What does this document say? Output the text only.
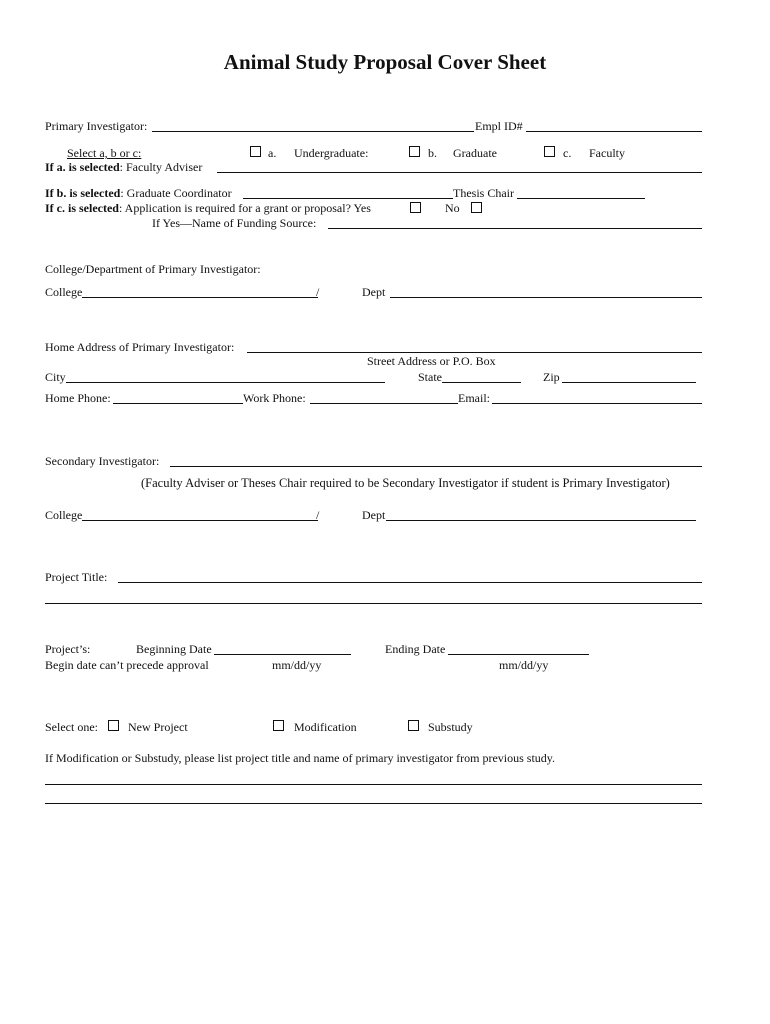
Animal Study Proposal Cover Sheet
Primary Investigator:	Empl ID#
Select a, b or c:	a. Undergraduate:	b. Graduate	c. Faculty
If a. is selected: Faculty Adviser
If b. is selected: Graduate Coordinator	Thesis Chair
If c. is selected: Application is required for a grant or proposal? Yes	No
If Yes—Name of Funding Source:
College/Department of Primary Investigator:
College	/	Dept
Home Address of Primary Investigator:
Street Address or P.O. Box
City	State	Zip
Home Phone:	Work Phone:	Email:
Secondary Investigator:
(Faculty Adviser or Theses Chair required to be Secondary Investigator if student is Primary Investigator)
College	/	Dept
Project Title:
Project’s:	Beginning Date	Ending Date
Begin date can’t precede approval	mm/dd/yy	mm/dd/yy
Select one:	New Project	Modification	Substudy
If Modification or Substudy, please list project title and name of primary investigator from previous study.
